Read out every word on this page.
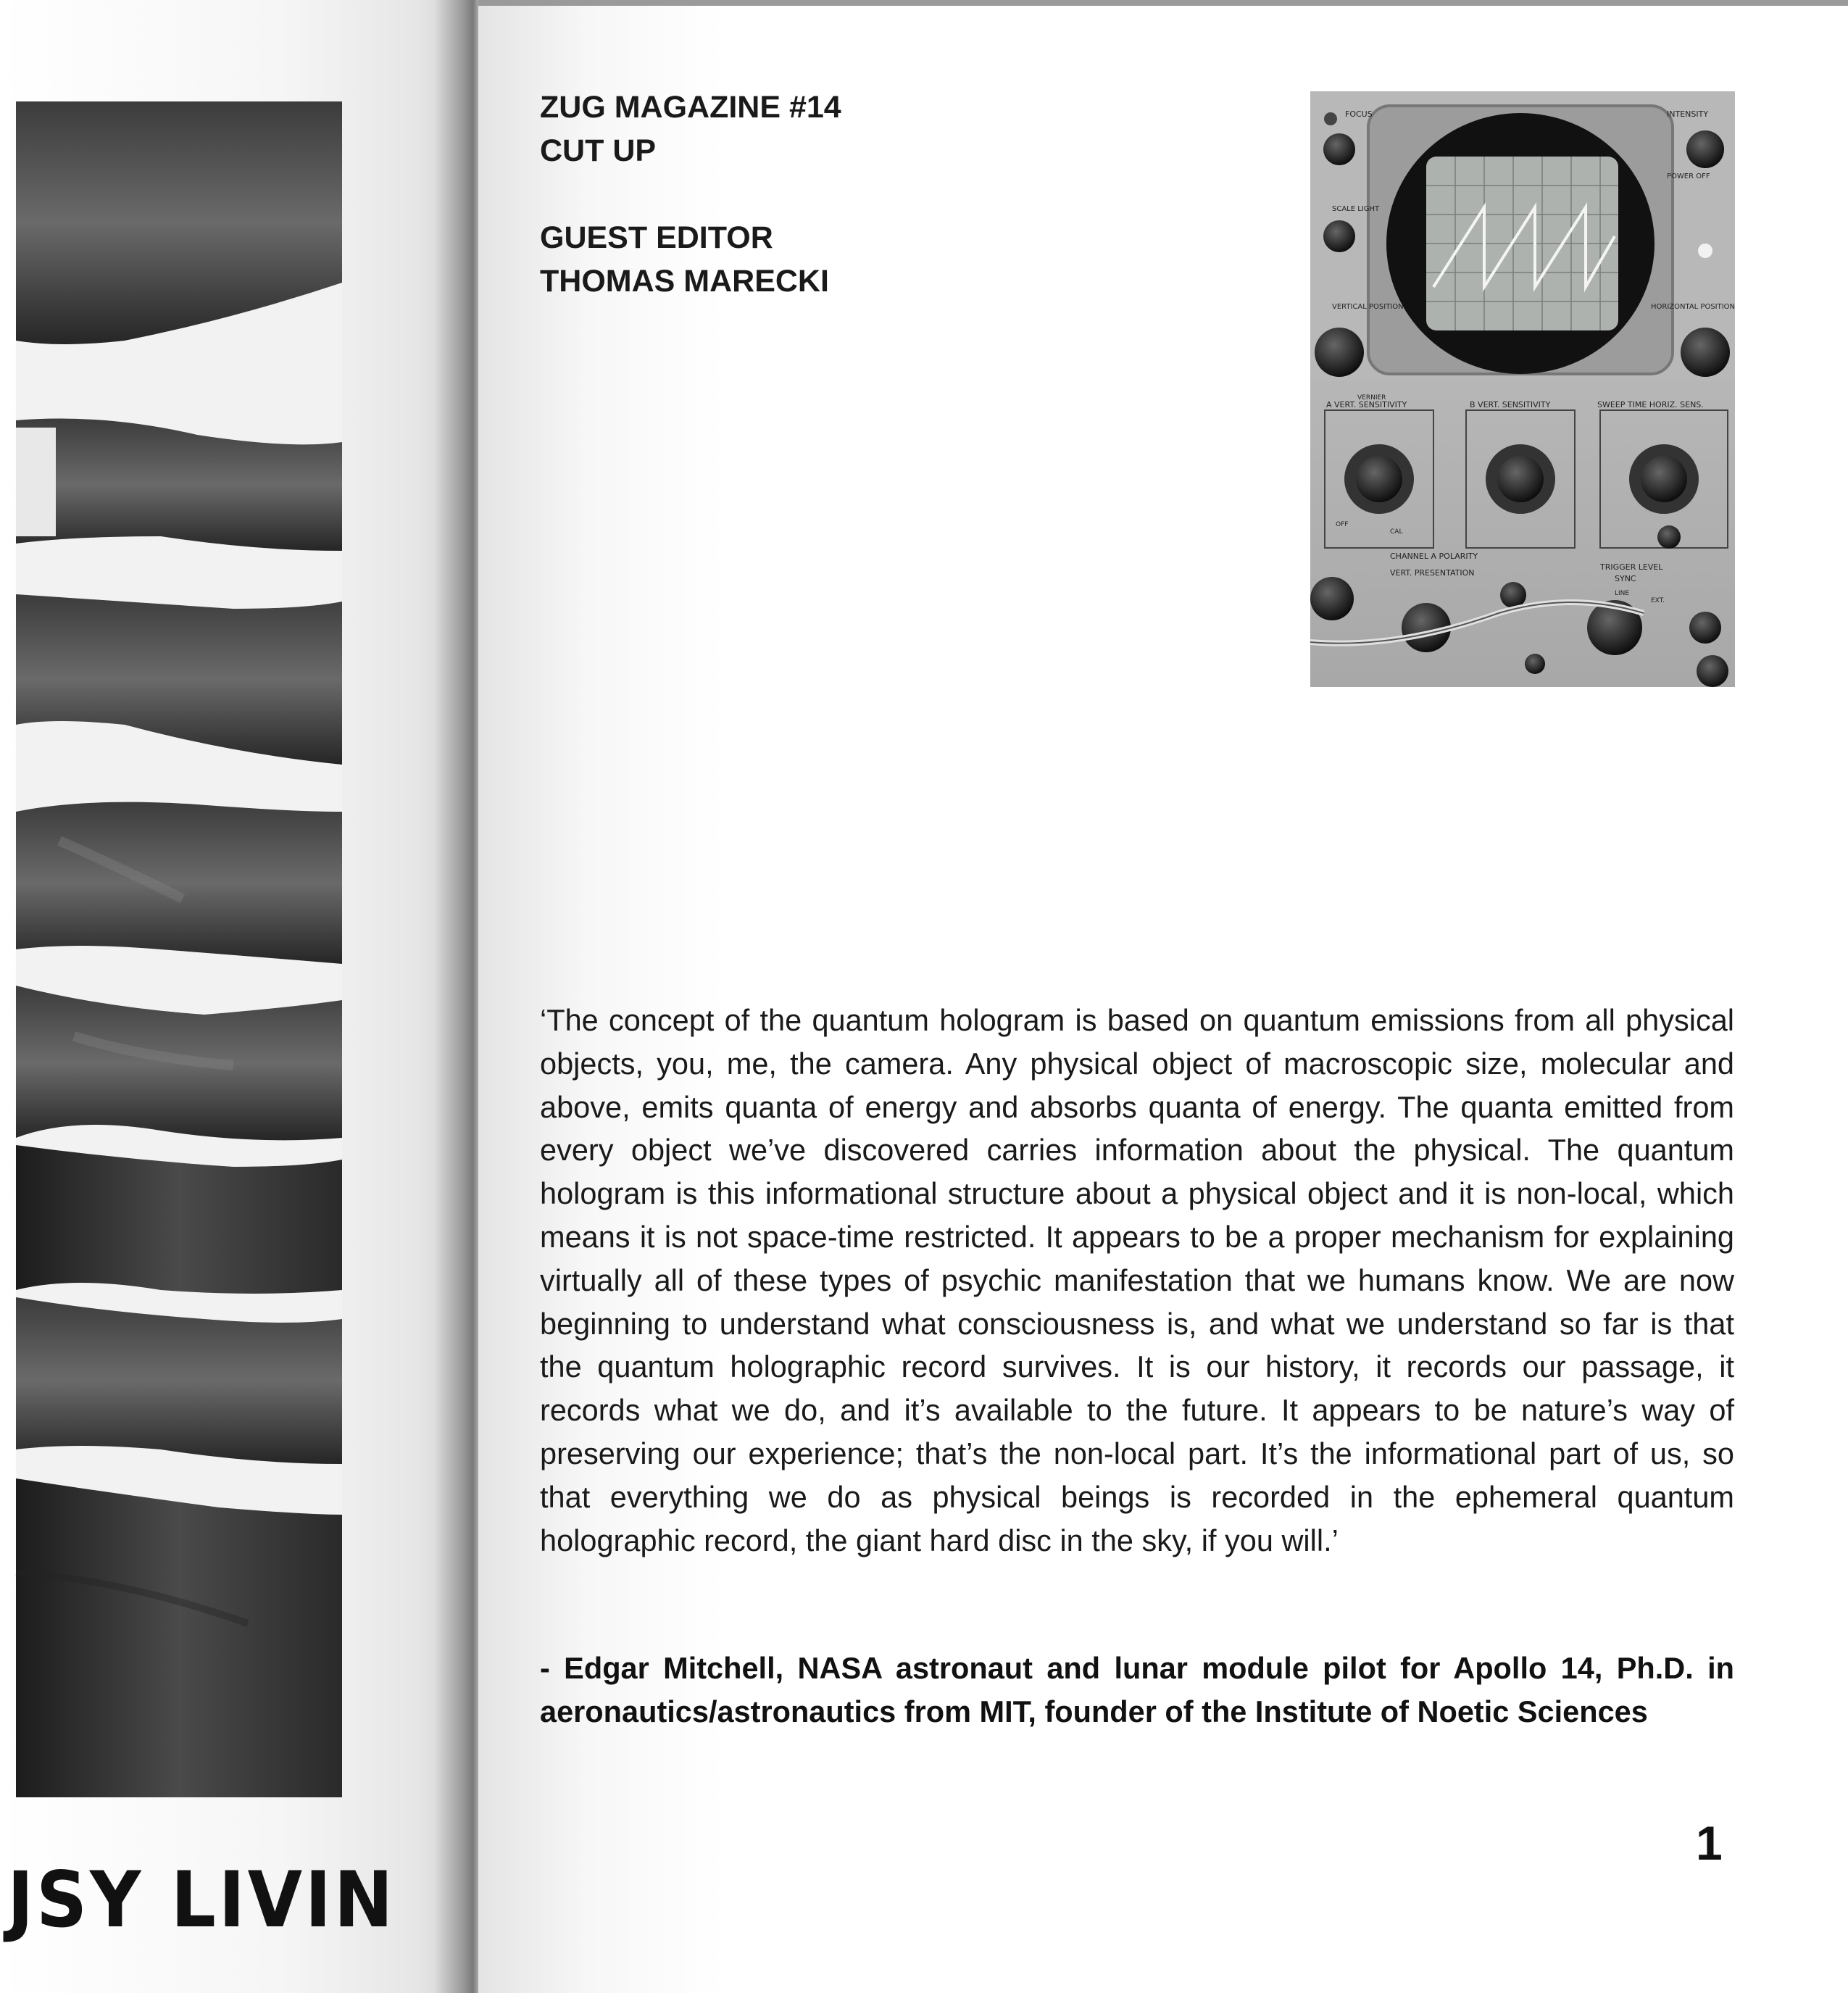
JSY LIVIN
ZUG MAGAZINE #14
CUT UP
GUEST EDITOR
THOMAS MARECKI
FOCUS	INTENSITY
POWER OFF
SCALE LIGHT
VERTICAL POSITION	HORIZONTAL POSITION
A VERT. SENSITIVITY	B VERT. SENSITIVITY	SWEEP TIME HORIZ. SENS.
VERNIER
OFF
CAL
CHANNEL A POLARITY
VERT. PRESENTATION
TRIGGER LEVEL
SYNC
LINE
EXT.

‘The concept of the quantum hologram is based on quantum emissions from all physical objects, you, me, the camera. Any physical object of macroscopic size, molecular and above, emits quanta of energy and absorbs quanta of energy. The quanta emitted from every object we’ve discovered carries information about the physical. The quantum hologram is this informational structure about a physical object and it is non-local, which means it is not space-time restricted. It appears to be a proper mechanism for explaining virtually all of these types of psychic manifestation that we humans know. We are now beginning to understand what consciousness is, and what we understand so far is that the quantum holographic record survives. It is our history, it records our passage, it records what we do, and it’s available to the future. It appears to be nature’s way of preserving our experience; that’s the non-local part. It’s the informational part of us, so that everything we do as physical beings is recorded in the ephemeral quantum holographic record, the giant hard disc in the sky, if you will.’

- Edgar Mitchell, NASA astronaut and lunar module pilot for Apollo 14, Ph.D. in aeronautics/astronautics from MIT, founder of the Institute of Noetic Sciences

1
